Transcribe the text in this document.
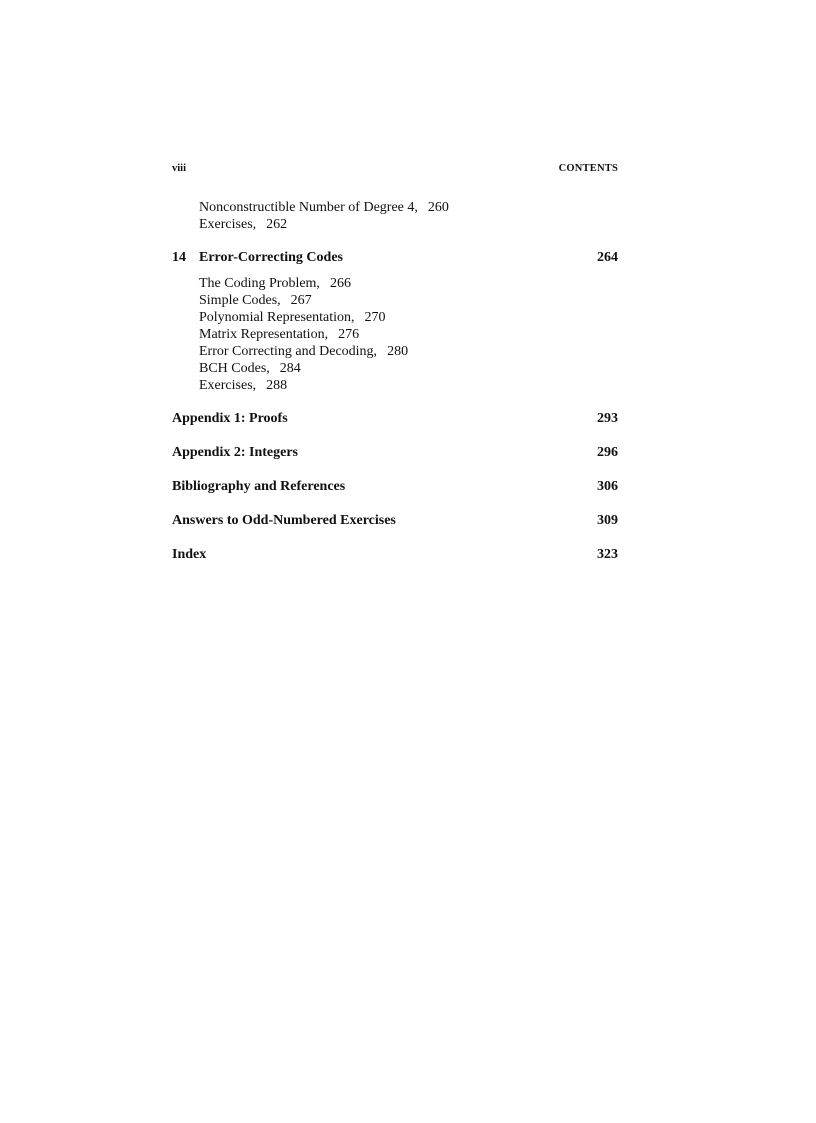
viii	CONTENTS
Nonconstructible Number of Degree 4, 260
Exercises, 262
14 Error-Correcting Codes	264
The Coding Problem, 266
Simple Codes, 267
Polynomial Representation, 270
Matrix Representation, 276
Error Correcting and Decoding, 280
BCH Codes, 284
Exercises, 288
Appendix 1: Proofs	293
Appendix 2: Integers	296
Bibliography and References	306
Answers to Odd-Numbered Exercises	309
Index	323
